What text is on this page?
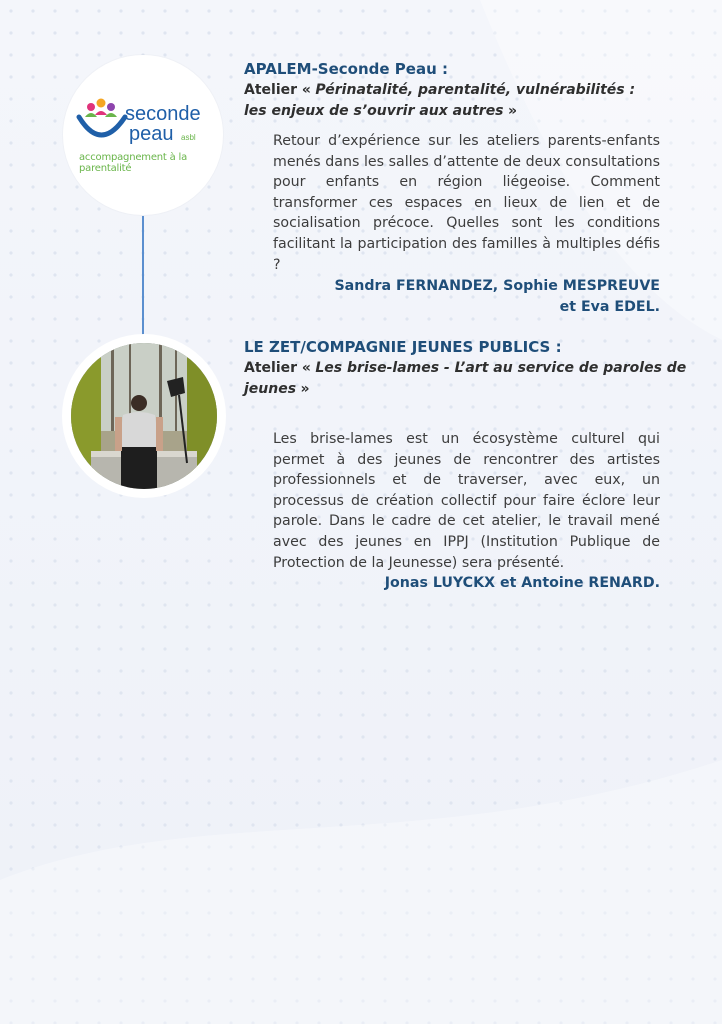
seconde
peau asbl
accompagnement à la parentalité
APALEM-Seconde Peau :

Atelier « Périnatalité, parentalité, vulnérabilités :
les enjeux de s’ouvrir aux autres »

Retour d’expérience sur les ateliers parents-enfants menés dans les salles d’attente de deux consultations pour enfants en région liégeoise. Comment transformer ces espaces en lieux de lien et de socialisation précoce. Quelles sont les conditions facilitant la participation des familles à multiples défis ?

Sandra FERNANDEZ, Sophie MESPREUVE
et Eva EDEL.

LE ZET/COMPAGNIE JEUNES PUBLICS :

Atelier « Les brise-lames - L’art au service de paroles de
jeunes »

Les brise-lames est un écosystème culturel qui permet à des jeunes de rencontrer des artistes professionnels et de traverser, avec eux, un processus de création collectif pour faire éclore leur parole. Dans le cadre de cet atelier, le travail mené avec des jeunes en IPPJ (Institution Publique de Protection de la Jeunesse) sera présenté.

Jonas LUYCKX et Antoine RENARD.
